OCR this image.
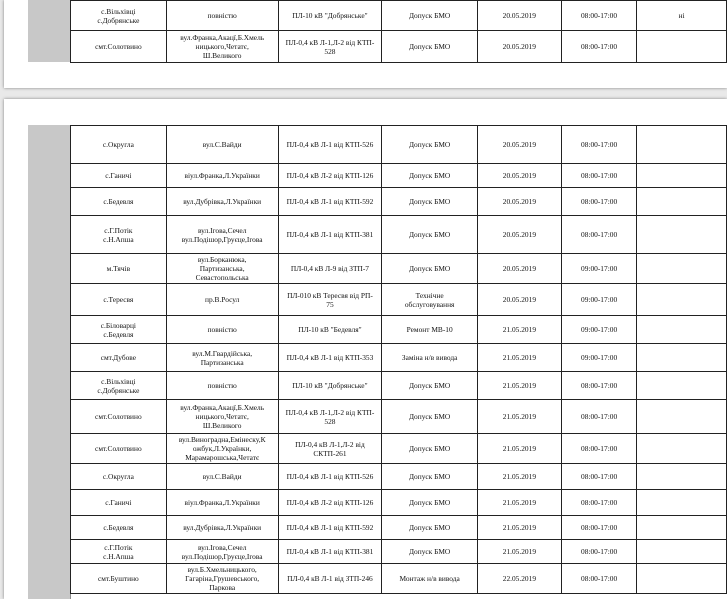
с.Вільхівці
с.Добрянське	повністю	ПЛ-10 кВ "Добрянське"	Допуск БМО	20.05.2019	08:00-17:00	ні
смт.Солотвино	вул.Франка,Акацї,Б.Хмель
ницького,Четатє,
Ш.Великого	ПЛ-0,4 кВ Л-1,Л-2 від КТП-
528	Допуск БМО	20.05.2019	08:00-17:00	
с.Округла	вул.С.Вайди	ПЛ-0,4 кВ Л-1 від КТП-526	Допуск БМО	20.05.2019	08:00-17:00	
с.Ганичі	віул.Франка,Л.Українки	ПЛ-0,4 кВ Л-2 від КТП-126	Допуск БМО	20.05.2019	08:00-17:00	
с.Бедевля	вул.Дубрівка,Л.Українки	ПЛ-0,4 кВ Л-1 від КТП-592	Допуск БМО	20.05.2019	08:00-17:00	
с.Г.Потік
с.Н.Апша	вул.Ігова,Сечел
вул.Подішор,Груєце,Ігова	ПЛ-0,4 кВ Л-1 від КТП-381	Допуск БМО	20.05.2019	08:00-17:00	
м.Тячів	вул.Борканюка,
Партизанська,
Севастопольська	ПЛ-0,4 кВ Л-9 від ЗТП-7	Допуск БМО	20.05.2019	09:00-17:00	
с.Тересвя	пр.В.Росул	ПЛ-010 кВ Тересвя від РП-
75	Технічне
обслуговування	20.05.2019	09:00-17:00	
с.Біловарці
с.Бедевля	повністю	ПЛ-10 кВ "Бедевля"	Ремонт МВ-10	21.05.2019	09:00-17:00	
смт.Дубове	вул.М.Гвардійська,
Партизанська	ПЛ-0,4 кВ Л-1 від КТП-353	Заміна н/в вивода	21.05.2019	09:00-17:00	
с.Вільхівці
с.Добрянське	повністю	ПЛ-10 кВ "Добрянське"	Допуск БМО	21.05.2019	08:00-17:00	
смт.Солотвино	вул.Франка,Акацї,Б.Хмель
ницького,Четатє,
Ш.Великого	ПЛ-0,4 кВ Л-1,Л-2 від КТП-
528	Допуск БМО	21.05.2019	08:00-17:00	
смт.Солотвино	вул.Виноградна,Емінеску,К
ожбук,Л.Українки,
Марамарошська,Четатє	ПЛ-0,4 кВ Л-1,Л-2 від
СКТП-261	Допуск БМО	21.05.2019	08:00-17:00	
с.Округла	вул.С.Вайди	ПЛ-0,4 кВ Л-1 від КТП-526	Допуск БМО	21.05.2019	08:00-17:00	
с.Ганичі	віул.Франка,Л.Українки	ПЛ-0,4 кВ Л-2 від КТП-126	Допуск БМО	21.05.2019	08:00-17:00	
с.Бедевля	вул.Дубрівка,Л.Українки	ПЛ-0,4 кВ Л-1 від КТП-592	Допуск БМО	21.05.2019	08:00-17:00	
с.Г.Потік
с.Н.Апша	вул.Ігова,Сечел
вул.Подішор,Груєце,Ігова	ПЛ-0,4 кВ Л-1 від КТП-381	Допуск БМО	21.05.2019	08:00-17:00	
смт.Буштино	вул.Б.Хмельницького,
Гагаріна,Грушевського,
Паркова	ПЛ-0,4 кВ Л-1 від ЗТП-246	Монтаж н/в вивода	22.05.2019	08:00-17:00	
